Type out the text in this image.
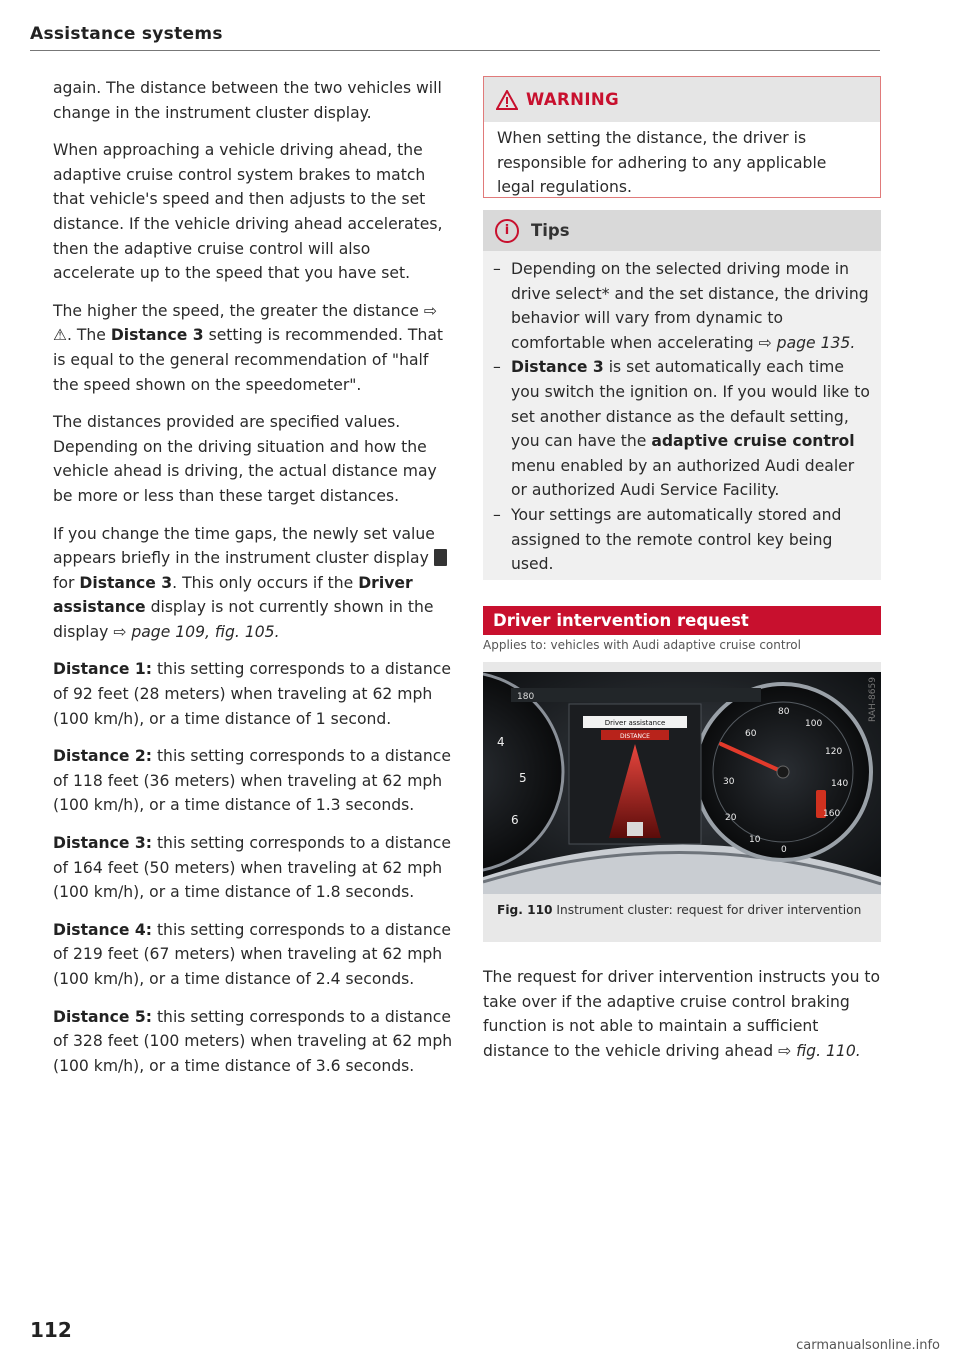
Assistance systems

again. The distance between the two vehicles will change in the instrument cluster display.

When approaching a vehicle driving ahead, the adaptive cruise control system brakes to match that vehicle's speed and then adjusts to the set distance. If the vehicle driving ahead accelerates, then the adaptive cruise control will also accelerate up to the speed that you have set.

The higher the speed, the greater the distance ⇨ ⚠. The Distance 3 setting is recommended. That is equal to the general recommendation of "half the speed shown on the speedometer".

The distances provided are specified values. Depending on the driving situation and how the vehicle ahead is driving, the actual distance may be more or less than these target distances.

If you change the time gaps, the newly set value appears briefly in the instrument cluster display  for Distance 3. This only occurs if the Driver assistance display is not currently shown in the display ⇨ page 109, fig. 105.

Distance 1: this setting corresponds to a distance of 92 feet (28 meters) when traveling at 62 mph (100 km/h), or a time distance of 1 second.

Distance 2: this setting corresponds to a distance of 118 feet (36 meters) when traveling at 62 mph (100 km/h), or a time distance of 1.3 seconds.

Distance 3: this setting corresponds to a distance of 164 feet (50 meters) when traveling at 62 mph (100 km/h), or a time distance of 1.8 seconds.

Distance 4: this setting corresponds to a distance of 219 feet (67 meters) when traveling at 62 mph (100 km/h), or a time distance of 2.4 seconds.

Distance 5: this setting corresponds to a distance of 328 feet (100 meters) when traveling at 62 mph (100 km/h), or a time distance of 3.6 seconds.

WARNING
When setting the distance, the driver is responsible for adhering to any applicable legal regulations.
i	Tips
– Depending on the selected driving mode in drive select* and the set distance, the driving behavior will vary from dynamic to comfortable when accelerating ⇨ page 135.
– Distance 3 is set automatically each time you switch the ignition on. If you would like to set another distance as the default setting, you can have the adaptive cruise control menu enabled by an authorized Audi dealer or authorized Audi Service Facility.
– Your settings are automatically stored and assigned to the remote control key being used.
Driver intervention request
Applies to: vehicles with Audi adaptive cruise control
Driver assistance
DISTANCE
180
4
5
6
60
80
100
120
140
160
30
20
10
0
RAH-8659
Fig. 110 Instrument cluster: request for driver intervention
The request for driver intervention instructs you to take over if the adaptive cruise control braking function is not able to maintain a sufficient distance to the vehicle driving ahead ⇨ fig. 110.
112
carmanualsonline.info
